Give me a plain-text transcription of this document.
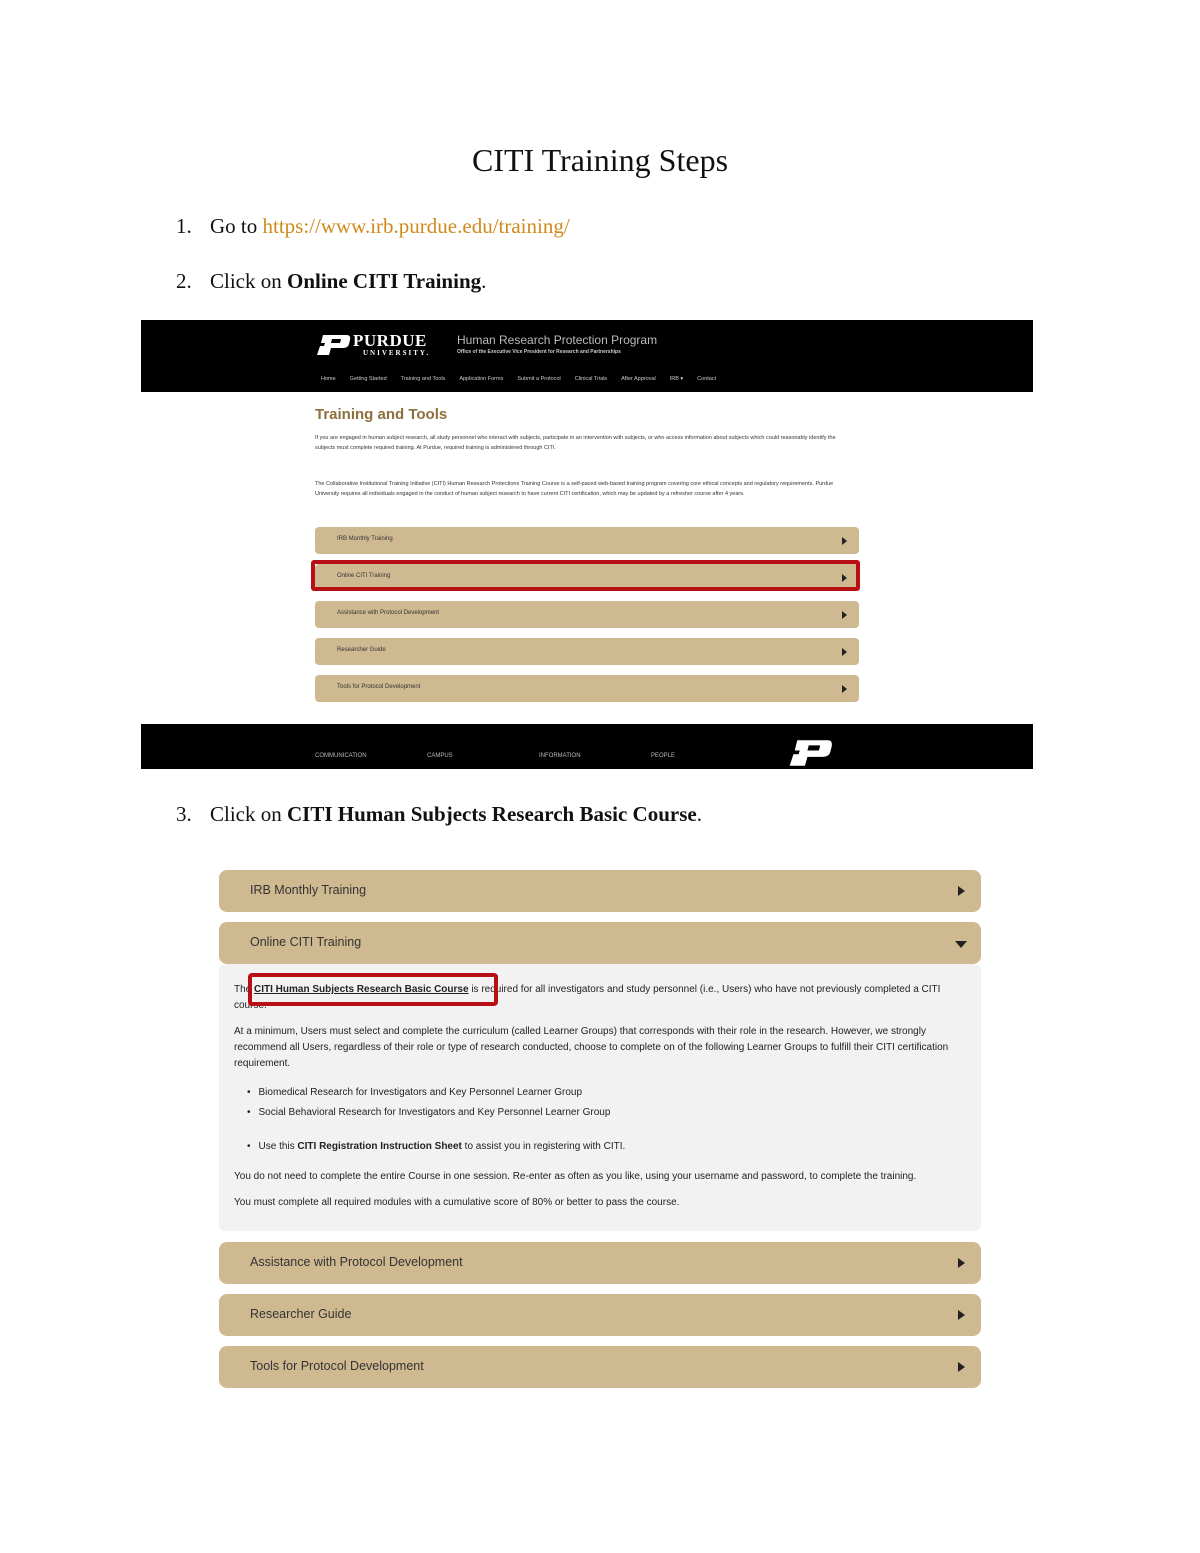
CITI Training Steps
1. Go to https://www.irb.purdue.edu/training/
2. Click on Online CITI Training.
PURDUE
UNIVERSITY.
Human Research Protection Program
Office of the Executive Vice President for Research and Partnerships
Home	Getting Started	Training and Tools	Application Forms	Submit a Protocol	Clinical Trials	After Approval	IRB ▾	Contact
Training and Tools
If you are engaged in human subject research, all study personnel who interact with subjects, participate in an intervention with subjects, or who access information about subjects which could reasonably identify the subjects must complete required training. At Purdue, required training is administered through CITI.
The Collaborative Institutional Training Initiative (CITI) Human Research Protections Training Course is a self-paced web-based training program covering core ethical concepts and regulatory requirements. Purdue University requires all individuals engaged in the conduct of human subject research to have current CITI certification, which may be updated by a refresher course after 4 years.
IRB Monthly Training
Online CITI Training
Assistance with Protocol Development
Researcher Guide
Tools for Protocol Development
COMMUNICATION	CAMPUS	INFORMATION	PEOPLE
3. Click on CITI Human Subjects Research Basic Course.
IRB Monthly Training
Online CITI Training
The CITI Human Subjects Research Basic Course is required for all investigators and study personnel (i.e., Users) who have not previously completed a CITI course.
At a minimum, Users must select and complete the curriculum (called Learner Groups) that corresponds with their role in the research. However, we strongly recommend all Users, regardless of their role or type of research conducted, choose to complete on of the following Learner Groups to fulfill their CITI certification requirement.
• Biomedical Research for Investigators and Key Personnel Learner Group
• Social Behavioral Research for Investigators and Key Personnel Learner Group
• Use this CITI Registration Instruction Sheet to assist you in registering with CITI.
You do not need to complete the entire Course in one session. Re-enter as often as you like, using your username and password, to complete the training.
You must complete all required modules with a cumulative score of 80% or better to pass the course.
Assistance with Protocol Development
Researcher Guide
Tools for Protocol Development
